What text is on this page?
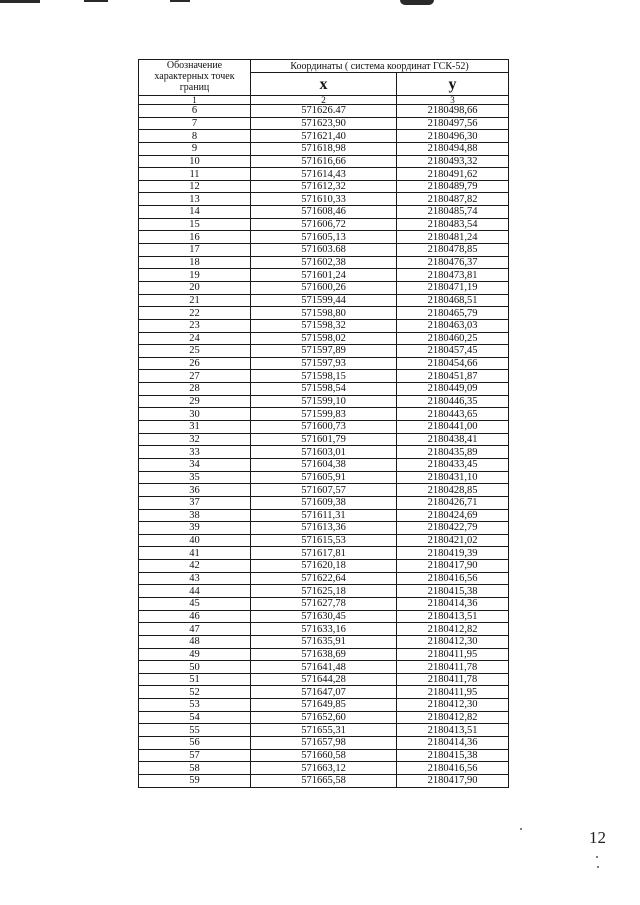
Обозначение характерных точек границ	Координаты ( система координат ГСК-52)	
	х	у
1	2	3
6	571626.47	2180498,66
7	571623,90	2180497,56
8	571621,40	2180496,30
9	571618,98	2180494,88
10	571616,66	2180493,32
11	571614,43	2180491,62
12	571612,32	2180489,79
13	571610,33	2180487,82
14	571608,46	2180485,74
15	571606,72	2180483,54
16	571605,13	2180481,24
17	571603.68	2180478,85
18	571602,38	2180476,37
19	571601,24	2180473,81
20	571600,26	2180471,19
21	571599,44	2180468,51
22	571598,80	2180465,79
23	571598,32	2180463,03
24	571598,02	2180460,25
25	571597,89	2180457,45
26	571597,93	2180454,66
27	571598,15	2180451,87
28	571598,54	2180449,09
29	571599,10	2180446,35
30	571599,83	2180443,65
31	571600,73	2180441,00
32	571601,79	2180438,41
33	571603,01	2180435,89
34	571604,38	2180433,45
35	571605,91	2180431,10
36	571607,57	2180428,85
37	571609,38	2180426,71
38	571611,31	2180424,69
39	571613,36	2180422,79
40	571615,53	2180421,02
41	571617,81	2180419,39
42	571620,18	2180417,90
43	571622,64	2180416,56
44	571625,18	2180415,38
45	571627,78	2180414,36
46	571630,45	2180413,51
47	571633,16	2180412,82
48	571635,91	2180412,30
49	571638,69	2180411,95
50	571641,48	2180411,78
51	571644,28	2180411,78
52	571647,07	2180411,95
53	571649,85	2180412,30
54	571652,60	2180412,82
55	571655,31	2180413,51
56	571657,98	2180414,36
57	571660,58	2180415,38
58	571663,12	2180416,56
59	571665,58	2180417,90
12
